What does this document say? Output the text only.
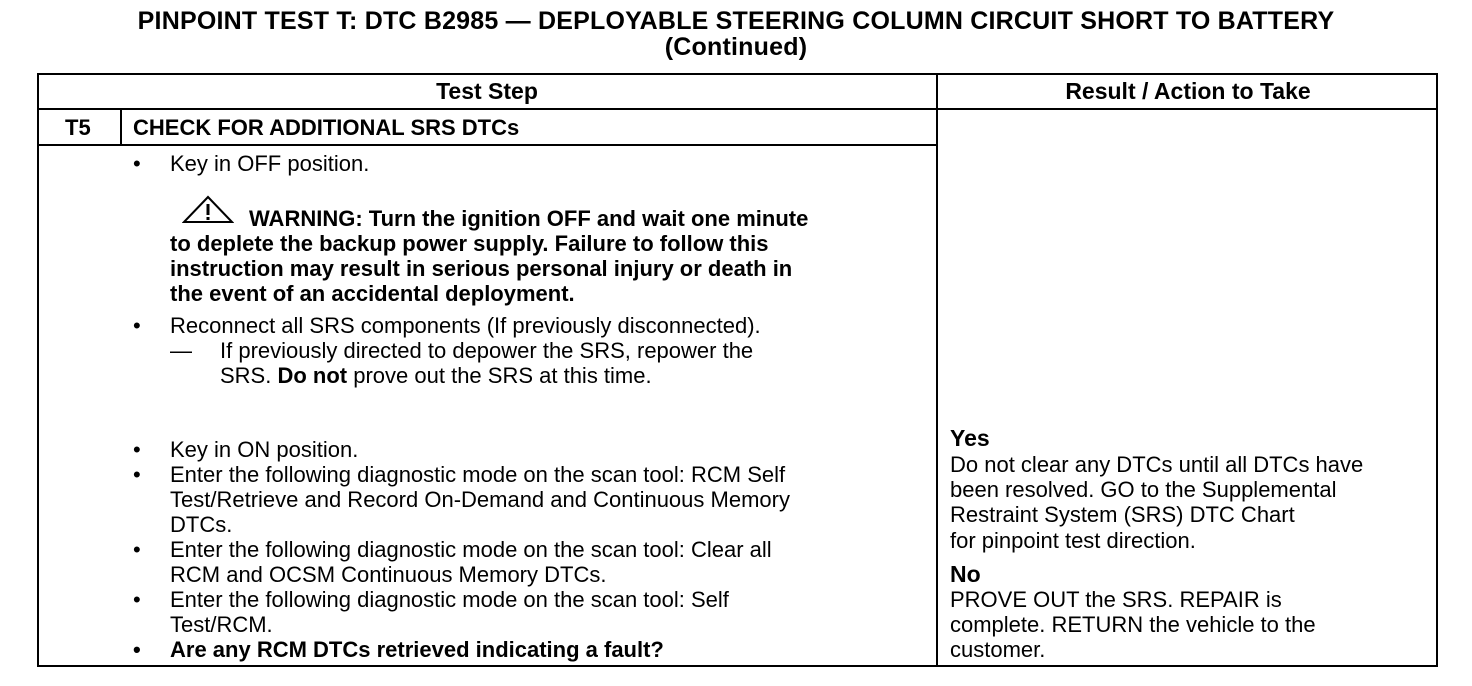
PINPOINT TEST T: DTC B2985 — DEPLOYABLE STEERING COLUMN CIRCUIT SHORT TO BATTERY
(Continued)
Test Step	Result / Action to Take
T5 CHECK FOR ADDITIONAL SRS DTCs
• Key in OFF position.
WARNING: Turn the ignition OFF and wait one minute
to deplete the backup power supply. Failure to follow this
instruction may result in serious personal injury or death in
the event of an accidental deployment.
• Reconnect all SRS components (If previously disconnected).
— If previously directed to depower the SRS, repower the
SRS. Do not prove out the SRS at this time.
• Key in ON position.
• Enter the following diagnostic mode on the scan tool: RCM Self
Test/Retrieve and Record On-Demand and Continuous Memory
DTCs.
• Enter the following diagnostic mode on the scan tool: Clear all
RCM and OCSM Continuous Memory DTCs.
• Enter the following diagnostic mode on the scan tool: Self
Test/RCM.
• Are any RCM DTCs retrieved indicating a fault?
Yes
Do not clear any DTCs until all DTCs have
been resolved. GO to the Supplemental
Restraint System (SRS) DTC Chart
for pinpoint test direction.
No
PROVE OUT the SRS. REPAIR is
complete. RETURN the vehicle to the
customer.
